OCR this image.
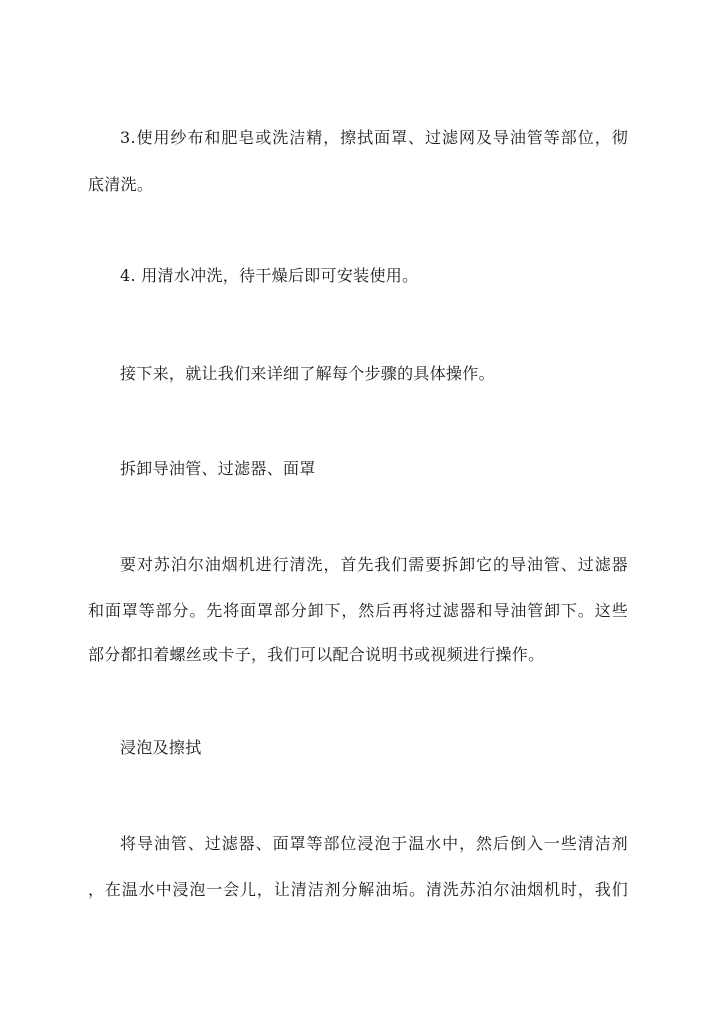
3.使用纱布和肥皂或洗洁精，擦拭面罩、过滤网及导油管等部位，彻
底清洗。
4. 用清水冲洗，待干燥后即可安装使用。
接下来，就让我们来详细了解每个步骤的具体操作。
拆卸导油管、过滤器、面罩
要对苏泊尔油烟机进行清洗，首先我们需要拆卸它的导油管、过滤器
和面罩等部分。先将面罩部分卸下，然后再将过滤器和导油管卸下。这些
部分都扣着螺丝或卡子，我们可以配合说明书或视频进行操作。
浸泡及擦拭
将导油管、过滤器、面罩等部位浸泡于温水中，然后倒入一些清洁剂
，在温水中浸泡一会儿，让清洁剂分解油垢。清洗苏泊尔油烟机时，我们
